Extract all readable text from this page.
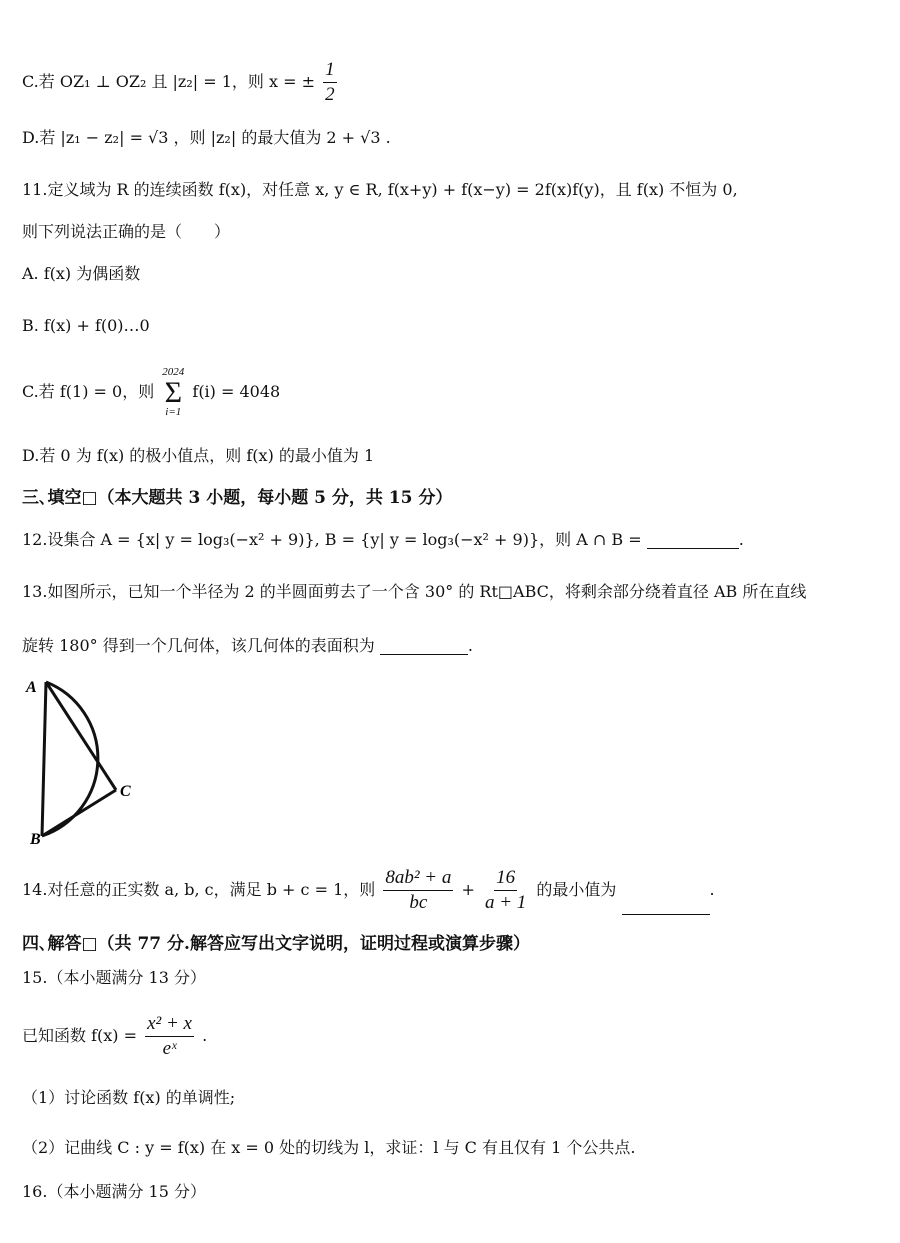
C.若 OZ₁ ⊥ OZ₂ 且 |z₂| = 1，则 x = ± $\frac{1}{2}$
D.若 |z₁ − z₂| = √3 ，则 |z₂| 的最大值为 2 + √3 .
11.定义域为 R 的连续函数 f(x)，对任意 x, y ∈ R, f(x+y) + f(x−y) = 2f(x)f(y)，且 f(x) 不恒为 0,
则下列说法正确的是（　　）
A. f(x) 为偶函数
B. f(x) + f(0)…0
C.若 f(1) = 0，则
2024
Σ
i=1
f(i) = 4048
D.若 0 为 f(x) 的极小值点，则 f(x) 的最小值为 1
三､填空□（本大题共 3 小题，每小题 5 分，共 15 分）
12.设集合 A = {x| y = log₃(−x² + 9)}, B = {y| y = log₃(−x² + 9)}，则 A ∩ B =	.
13.如图所示，已知一个半径为 2 的半圆面剪去了一个含 30° 的 Rt□ABC，将剩余部分绕着直径 AB 所在直线
旋转 180° 得到一个几何体，该几何体的表面积为	.
A
B
C
14.对任意的正实数 a, b, c，满足 b + c = 1，则 $\frac{\text{8ab² + a}}{bc} + \frac{16}{a + 1}$ 的最小值为	.
四､解答□（共 77 分.解答应写出文字说明，证明过程或演算步骤）
15.（本小题满分 13 分）
已知函数 $f(x) = \frac{\text{x² + x}}{\text{eˣ}}$ .
（1）讨论函数 f(x) 的单调性;
（2）记曲线 C : y = f(x) 在 x = 0 处的切线为 l，求证：l 与 C 有且仅有 1 个公共点.
16.（本小题满分 15 分）
